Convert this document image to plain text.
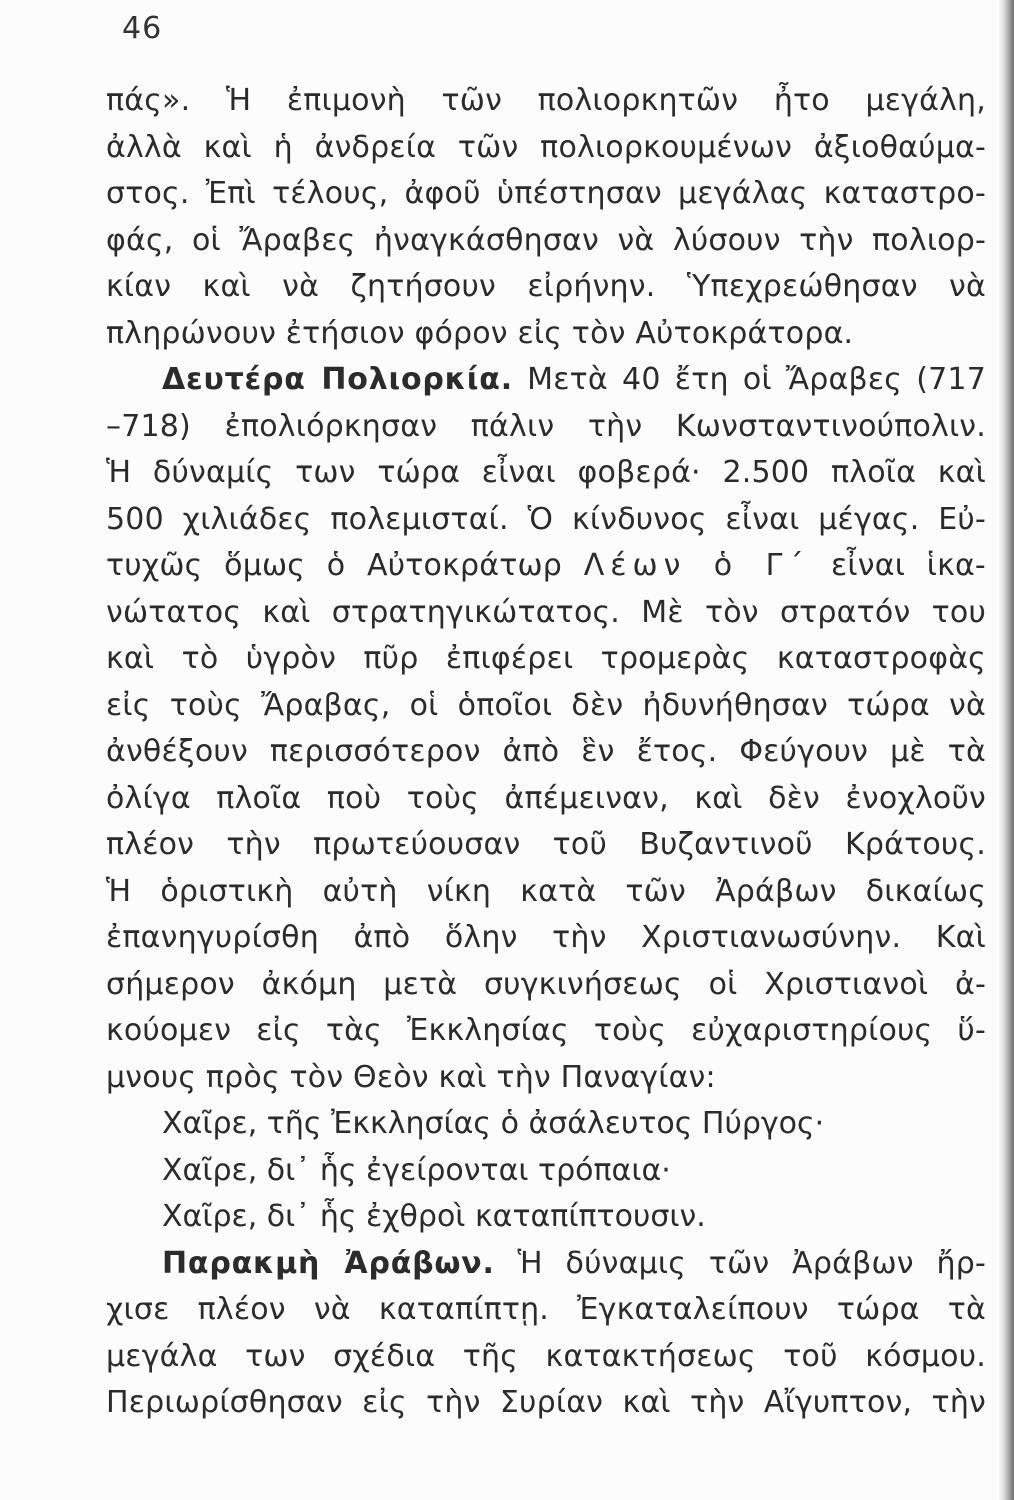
46
πάς». Ἡ ἐπιμονὴ τῶν πολιορκητῶν ἦτο μεγάλη,
ἀλλὰ καὶ ἡ ἀνδρεία τῶν πολιορκουμένων ἀξιοθαύμα-
στος. Ἐπὶ τέλους, ἀφοῦ ὑπέστησαν μεγάλας καταστρο-
φάς, οἱ Ἄραβες ἠναγκάσθησαν νὰ λύσουν τὴν πολιορ-
κίαν καὶ νὰ ζητήσουν εἰρήνην. Ὑπεχρεώθησαν νὰ
πληρώνουν ἐτήσιον φόρον εἰς τὸν Αὐτοκράτορα.
Δευτέρα Πολιορκία. Μετὰ 40 ἔτη οἱ Ἄραβες (717
–718) ἐπολιόρκησαν πάλιν τὴν Κωνσταντινούπολιν.
Ἡ δύναμίς των τώρα εἶναι φοβερά· 2.500 πλοῖα καὶ
500 χιλιάδες πολεμισταί. Ὁ κίνδυνος εἶναι μέγας. Εὐ-
τυχῶς ὅμως ὁ Αὐτοκράτωρ Λέων ὁ Γ΄ εἶναι ἱκα-
νώτατος καὶ στρατηγικώτατος. Μὲ τὸν στρατόν του
καὶ τὸ ὑγρὸν πῦρ ἐπιφέρει τρομερὰς καταστροφὰς
εἰς τοὺς Ἄραβας, οἱ ὁποῖοι δὲν ἠδυνήθησαν τώρα νὰ
ἀνθέξουν περισσότερον ἀπὸ ἓν ἔτος. Φεύγουν μὲ τὰ
ὀλίγα πλοῖα ποὺ τοὺς ἀπέμειναν, καὶ δὲν ἐνοχλοῦν
πλέον τὴν πρωτεύουσαν τοῦ Βυζαντινοῦ Κράτους.
Ἡ ὁριστικὴ αὐτὴ νίκη κατὰ τῶν Ἀράβων δικαίως
ἐπανηγυρίσθη ἀπὸ ὅλην τὴν Χριστιανωσύνην. Καὶ
σήμερον ἀκόμη μετὰ συγκινήσεως οἱ Χριστιανοὶ ἀ-
κούομεν εἰς τὰς Ἐκκλησίας τοὺς εὐχαριστηρίους ὕ-
μνους πρὸς τὸν Θεὸν καὶ τὴν Παναγίαν:
Χαῖρε, τῆς Ἐκκλησίας ὁ ἀσάλευτος Πύργος·
Χαῖρε, δι᾽ ἧς ἐγείρονται τρόπαια·
Χαῖρε, δι᾽ ἧς ἐχθροὶ καταπίπτουσιν.
Παρακμὴ Ἀράβων. Ἡ δύναμις τῶν Ἀράβων ἤρ-
χισε πλέον νὰ καταπίπτῃ. Ἐγκαταλείπουν τώρα τὰ
μεγάλα των σχέδια τῆς κατακτήσεως τοῦ κόσμου.
Περιωρίσθησαν εἰς τὴν Συρίαν καὶ τὴν Αἴγυπτον, τὴν
